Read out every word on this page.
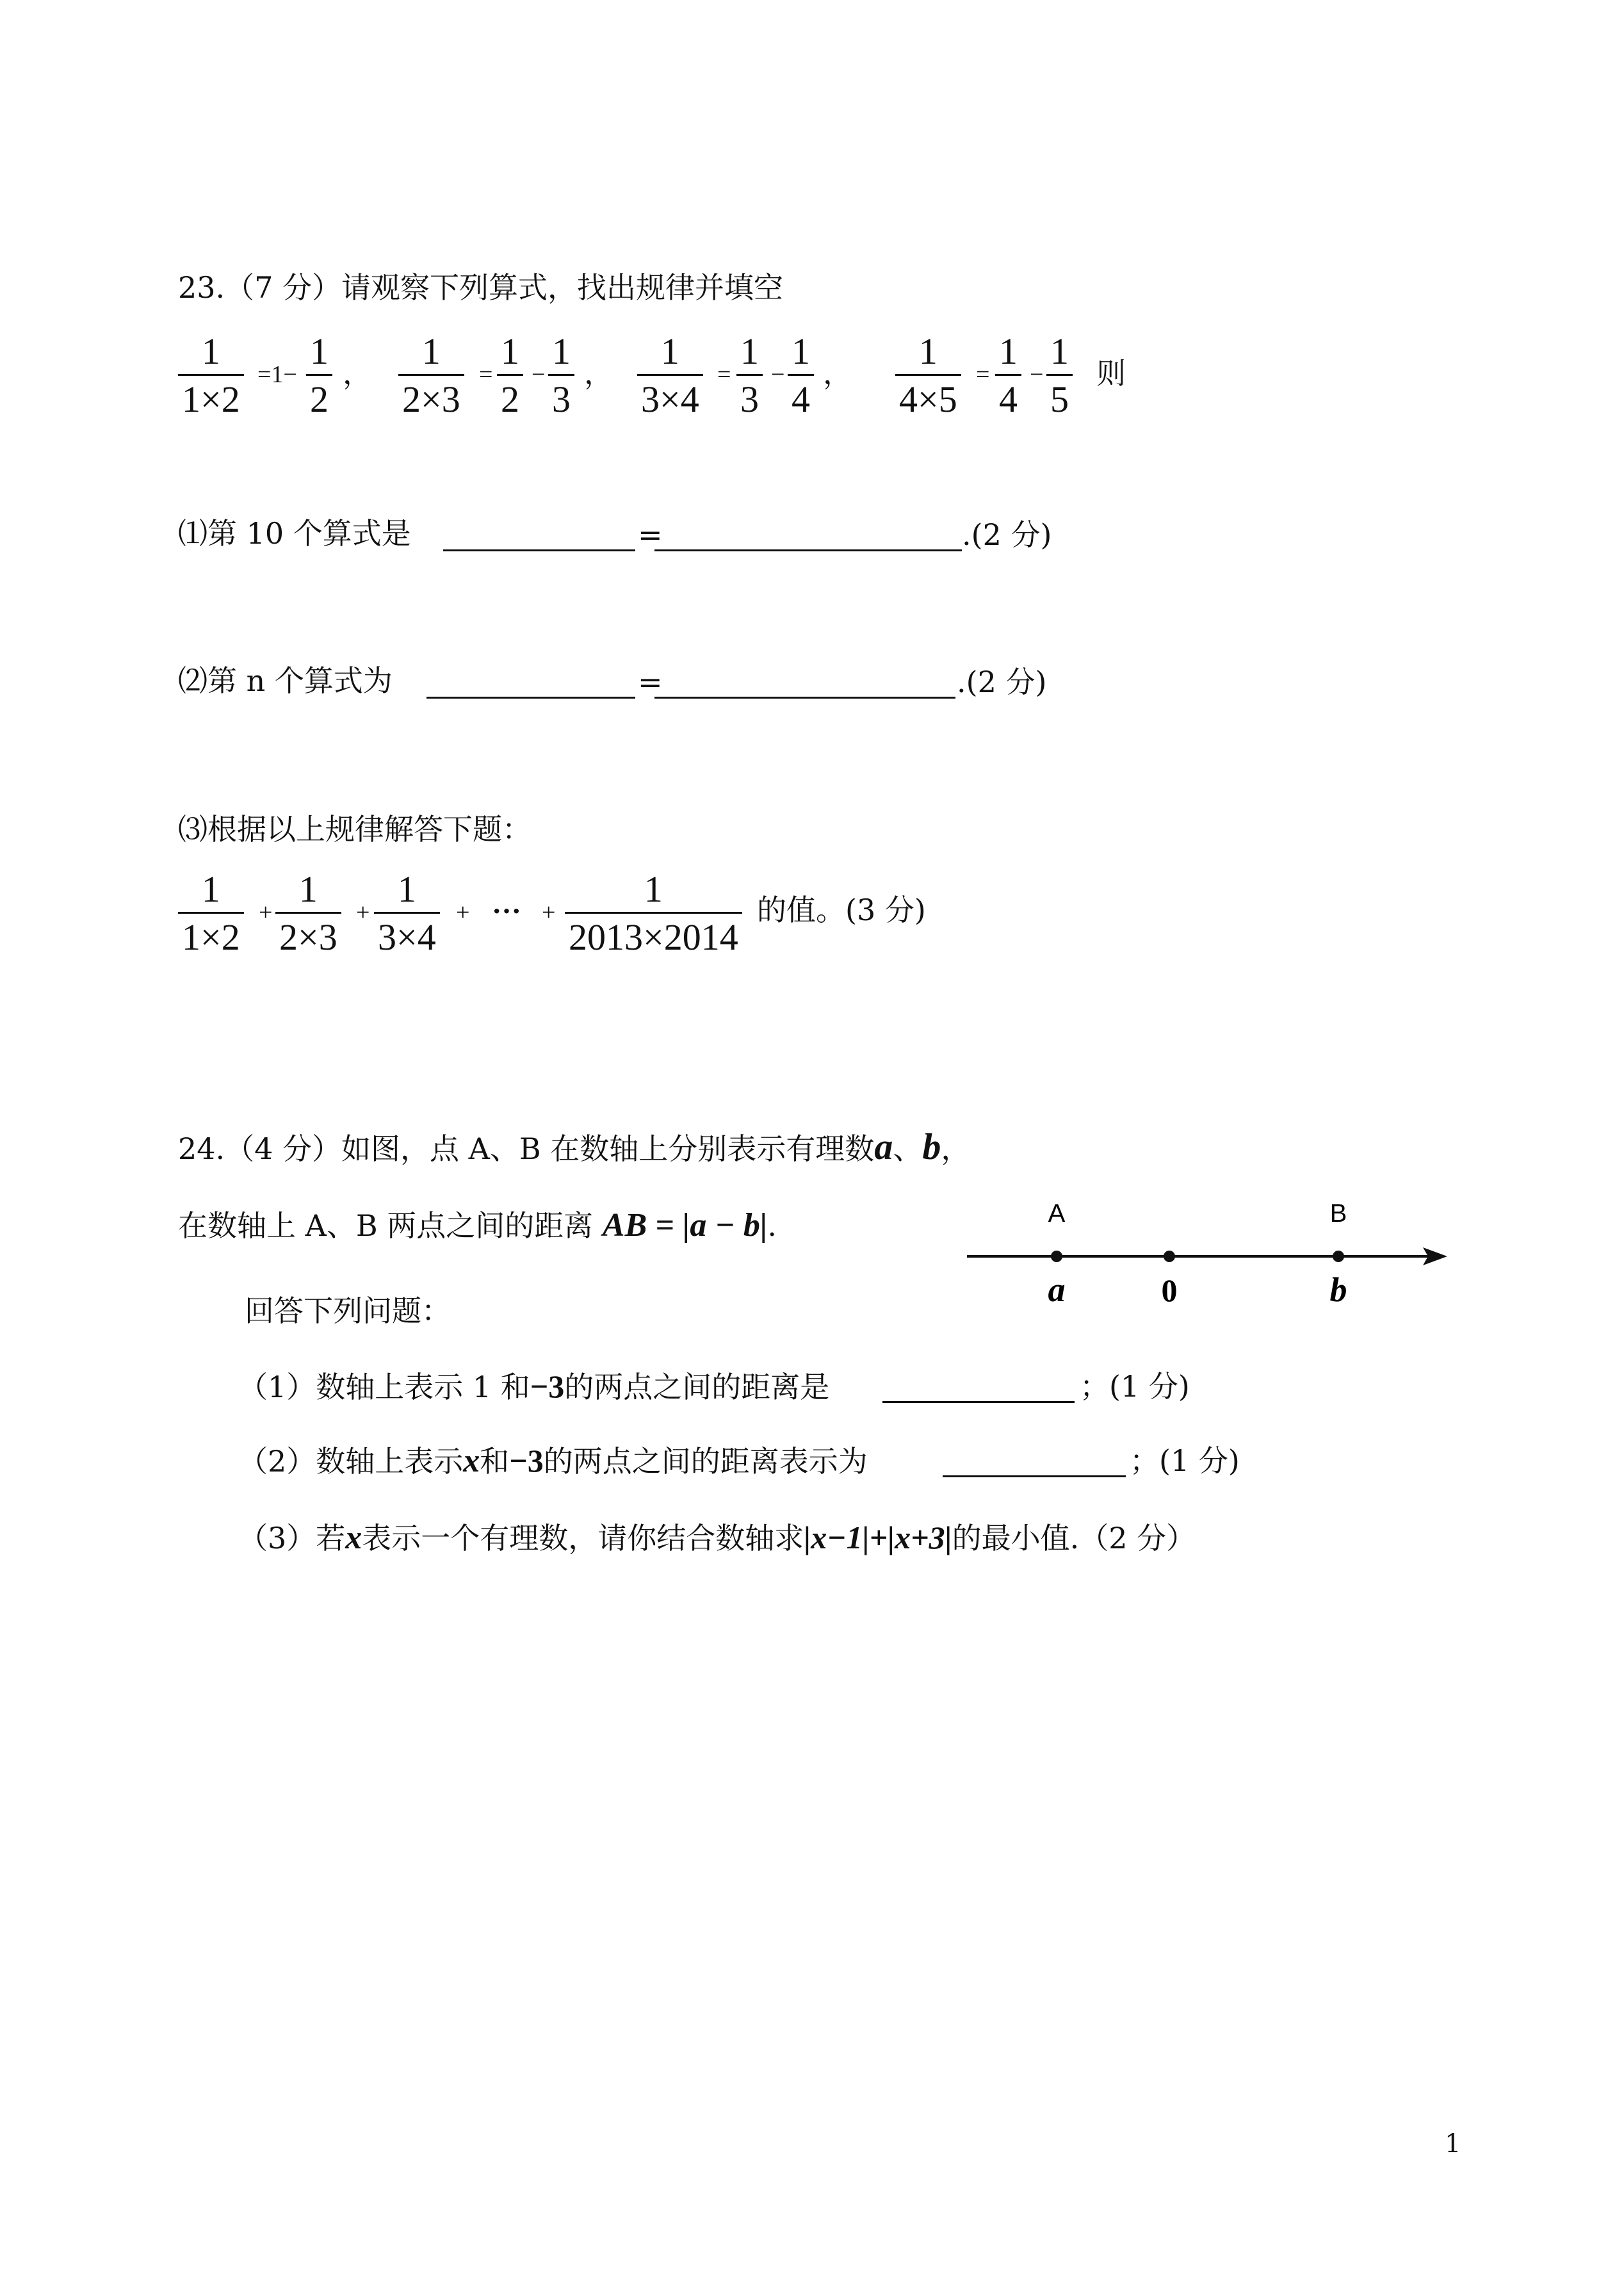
23.（7 分）请观察下列算式，找出规律并填空
1
1×2
=1−
1
2
，
1
2×3
=
1
2
−
1
3
，
1
3×4
=
1
3
−
1
4
，
1
4×5
=
1
4
−
1
5
则
⑴第 10 个算式是	=	.(2 分)
⑵第 n 个算式为	=	.(2 分)
⑶根据以上规律解答下题：
1
1×2
+
1
2×3
+
1
3×4
+ ··· +
1
2013×2014
的值。(3 分)
24.（4 分）如图，点 A、B 在数轴上分别表示有理数a、b，
在数轴上 A、B 两点之间的距离 AB = |a − b|.	A	B
a	0	b
回答下列问题：
（1）数轴上表示 1 和−3的两点之间的距离是	；(1 分)
（2）数轴上表示x和−3的两点之间的距离表示为	；(1 分)
（3）若x表示一个有理数，请你结合数轴求|x−1|+|x+3|的最小值.（2 分）
1
